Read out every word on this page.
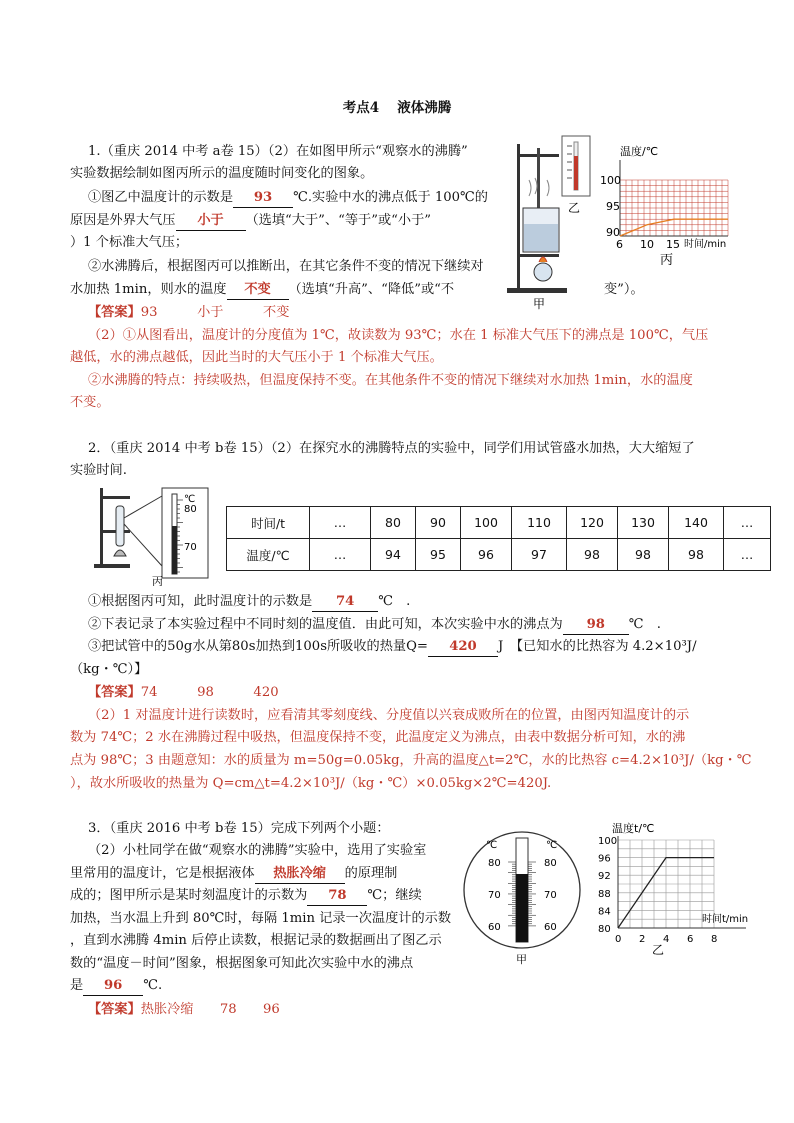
考点4　 液体沸腾
1.（重庆 2014 中考 a卷 15）（2）在如图甲所示“观察水的沸腾”
实验数据绘制如图丙所示的温度随时间变化的图象。
①图乙中温度计的示数是 93 ℃.实验中水的沸点低于 100℃的
原因是外界大气压 小于 （选填“大于”、“等于”或“小于”
）1 个标准大气压；
②水沸腾后，根据图丙可以推断出，在其它条件不变的情况下继续对
水加热 1min，则水的温度 不变 （选填“升高”、“降低”或“不	变”）。
【答案】93　　　小于　　　不变
（2）①从图看出，温度计的分度值为 1℃，故读数为 93℃；水在 1 标准大气压下的沸点是 100℃，气压
越低，水的沸点越低，因此当时的大气压小于 1 个标准大气压。
②水沸腾的特点：持续吸热，但温度保持不变。在其他条件不变的情况下继续对水加热 1min，水的温度
不变。
甲
乙
温度/℃
100
95
90
6 10 15 时间/min
丙
2．（重庆 2014 中考 b卷 15）（2）在探究水的沸腾特点的实验中，同学们用试管盛水加热，大大缩短了
实验时间.
℃
80
70
丙
时间/t	…	80	90	100	110	120	130	140	…
温度/℃	…	94	95	96	97	98	98	98	…
①根据图丙可知，此时温度计的示数是 74 ℃　.
②下表记录了本实验过程中不同时刻的温度值．由此可知，本次实验中水的沸点为 98 ℃　.
③把试管中的50g水从第80s加热到100s所吸收的热量Q= 420 J　【已知水的比热容为 4.2×10³J/
（kg・℃）】
【答案】74　　　98　　　420
（2）1 对温度计进行读数时，应看清其零刻度线、分度值以兴衰成败所在的位置，由图丙知温度计的示
数为 74℃；2 水在沸腾过程中吸热，但温度保持不变，此温度定义为沸点，由表中数据分析可知，水的沸
点为 98℃；3 由题意知：水的质量为 m=50g=0.05kg，升高的温度△t=2℃，水的比热容 c=4.2×10³J/（kg・℃
），故水所吸收的热量为 Q=cm△t=4.2×10³J/（kg・℃）×0.05kg×2℃=420J.
3．（重庆 2016 中考 b卷 15）完成下列两个小题：
（2）小杜同学在做“观察水的沸腾”实验中，选用了实验室
里常用的温度计，它是根据液体 热胀冷缩 的原理制
成的；图甲所示是某时刻温度计的示数为 78 ℃；继续
加热，当水温上升到 80℃时，每隔 1min 记录一次温度计的示数
，直到水沸腾 4min 后停止读数，根据记录的数据画出了图乙示
数的“温度－时间”图象，根据图象可知此次实验中水的沸点
是 96 ℃.
【答案】热胀冷缩　　78　　96
℃	℃
80	80
70	70
60	60
甲
温度t/℃
100
96
92
88
84
80
0 2 4 6 8
时间t/min
乙
